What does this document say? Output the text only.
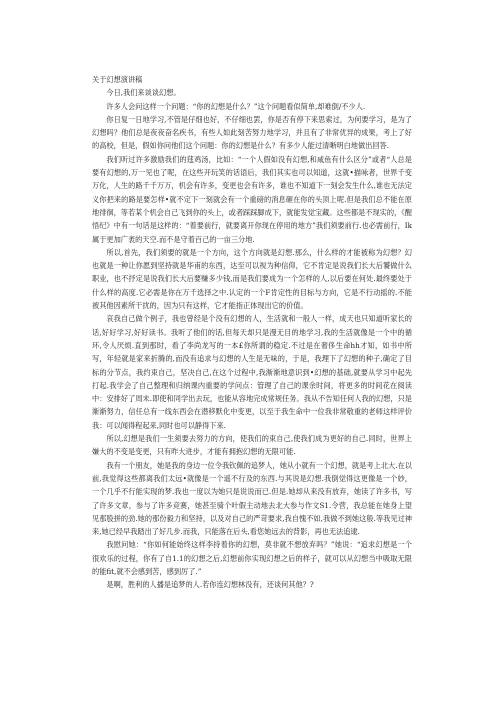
关于幻想演讲稿

今日,我们来谈谈幻想。

许多人会问这样一个问题：“你的幻想是什么？”这个问题看似简单,却难倒/不少人.

你日复一日地学习,不管是仔细也好，不仔细也罢，你是否有停下来思索过，为何要学习，是为了幻想吗？他们总是夜夜奋名疾书，有些人如此刻苦努力地学习，并且有了非常优异的成果，考上了好的高校，但是，假如你问他们这个问题：你的幻想是什么？有多少人能过清晰明白地做出回答.

我们听过许多激励我们的莛鸡汤，比如：“一个人假如没有幻想,和咸鱼有什么区分”或者“人总是要有幻想的,万一见也了呢，在这些开玩笑的话语后，我们其实也可以知道，这就•描咏者，世界千变万化，人生的路千千万万，机会有许多，变更也会有许多，谁也不知道下一刻会发生什么,谁也无法定义你把来的路是要怎样•就不定下一刻就会有一个重磅的消息砸在你的头顶上呢.但是我们总不能在原地徘徊，等若某个机会自己飞到你的头上，或者踩踩脚成下，就能发觉宝藏。这些都是不现实的，《醒悟纪》中有一句话是这样的：“着要前行，就要离开你现在停用的地方”我们须要前行.也必需前行，Ik属于更加广袤的天空.而不是守着百己的一亩三分地.

所以,首先，我们须要的就是一个方向，这个方向就是幻想.那么，什么样的才能被称为幻想？幻也就是一种让你愿到坚持就是华甫的东西，达至可以视为种信仰，它不肯定是说我们长大后饕做什么职业，也不抒定是说我们长大后要赚多少钱,而是我们要成为一个怎样的人,以后要在何处.最终要处于什么样的高度.它必需是你在万千选择之中.认定的一个F肯定性的目标与方向，它是不行动摇的.不能被其他因素所干扰的，因为只有这样，它才能指正体现出它的价值。

哀我自己做个例子，我也曾经是个没有幻想的人，生活就和一般人一样，成天也只知道听家长的话,好好学习,好好读书。我听了他们的话,但每天却只是漫无目的地学习,我的生活就像是一个中的循环,令人厌烦.直到那时，看了李尚龙写的一本£你所谓的稳定.不过是在奢侈生命hh才知，如书中所写，年轻就是家来折腾的,而没有追求与幻想的人生是无味的，于是，我理下了幻想的种子,确定了目标的分节点，我约束自己，坚决自己,在这个过程中,我渐渐地意识到•幻想的基础,就要从学习中起先打起.我学会了自己整理和归纳课内重要的学问点：管理了自己的课余时间，将更多的时间花在阅读中：安排好了周末.即使和同学出去玩，也能从容地完成常规任务。我从不告知任何人我的幻想，只是渐渐努力，信任总有一线东西会在潜移默化中变更，以至于我生命中一位我非常敬重的老师这样评价我：可以闻得程起来,同时也可以静得下来.

所以,幻想是我们一生须要去努力的方向，使我们的束自己,使我们成为更好的自己.同时，世界上嫌大的不变是变更，只有昨大进步，才能有拥抱幻想的无限可能.

我有一个朋友，她是我的身边一位令我钦佩的追梦人，她从小就有一个幻想，就是考上北大.在以前,我觉得这些都离我们太远•就像是一个遥不行及的东西.与其说是幻想.我倒觉得这更像是一个妙，一个几乎不行能实现的梦.我也一度以为她只是说说而已.但是.她却从来没有放弃，她读了许多书，写了许多文章，参与了许多竞赛，她甚至骑个叶假主动地去北大参与作文S1.令营，我总能在她身上望见那股拼的劲.她的那份毅力和坚持，以及对自己的严苛要求,我自愧不如,我做不到她这般.等我见过神来,她已经早我踏出了好几步.而我，只能落在后头,看您她远去的背影，再也无法追逮.

我慰问她：“你如何能始终这样李持着你的幻想，莫非就不想放弃吗？”她说：“追求幻想是一个很欢乐的过程，你有了自1.1的幻想之后,幻想前你实现幻想之后的样子，就可以从幻想当中吸取无限的能fit,就不会感到苦，感到厉了.”

是啊，胜利的人播是追梦的人.若你连幻想林没有，还谈何其他？?
